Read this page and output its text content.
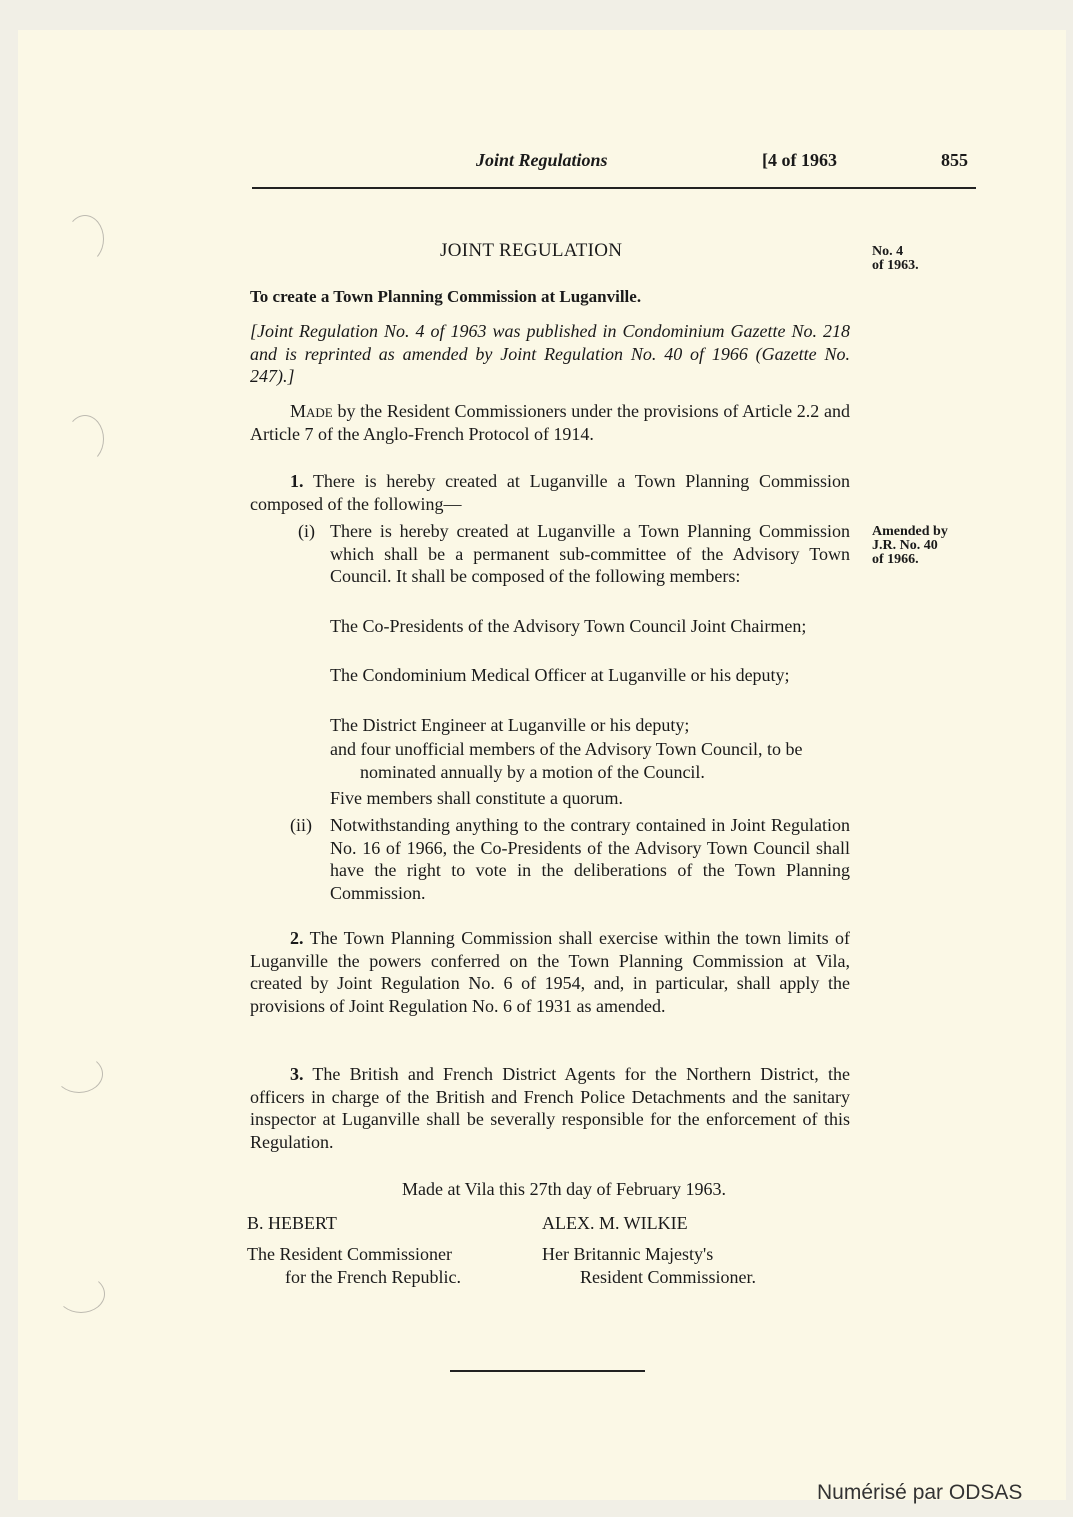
Joint Regulations	[4 of 1963	855
JOINT REGULATION	No. 4
of 1963.
To create a Town Planning Commission at Luganville.
[Joint Regulation No. 4 of 1963 was published in Condominium Gazette No. 218 and is reprinted as amended by Joint Regulation No. 40 of 1966 (Gazette No. 247).]
Made by the Resident Commissioners under the provisions of Article 2.2 and Article 7 of the Anglo-French Protocol of 1914.
1. There is hereby created at Luganville a Town Planning Commission composed of the following—
(i) There is hereby created at Luganville a Town Planning Commission which shall be a permanent sub-committee of the Advisory Town Council. It shall be composed of the following members:
Amended by
J.R. No. 40
of 1966.
The Co-Presidents of the Advisory Town Council Joint Chairmen;
The Condominium Medical Officer at Luganville or his deputy;
The District Engineer at Luganville or his deputy;
and four unofficial members of the Advisory Town Council, to be nominated annually by a motion of the Council.
Five members shall constitute a quorum.
(ii) Notwithstanding anything to the contrary contained in Joint Regulation No. 16 of 1966, the Co-Presidents of the Advisory Town Council shall have the right to vote in the deliberations of the Town Planning Commission.
2. The Town Planning Commission shall exercise within the town limits of Luganville the powers conferred on the Town Planning Commission at Vila, created by Joint Regulation No. 6 of 1954, and, in particular, shall apply the provisions of Joint Regulation No. 6 of 1931 as amended.
3. The British and French District Agents for the Northern District, the officers in charge of the British and French Police Detachments and the sanitary inspector at Luganville shall be severally responsible for the enforcement of this Regulation.
Made at Vila this 27th day of February 1963.
B. HEBERT	ALEX. M. WILKIE
The Resident Commissioner
for the French Republic.
Her Britannic Majesty's
Resident Commissioner.
Numérisé par ODSAS
